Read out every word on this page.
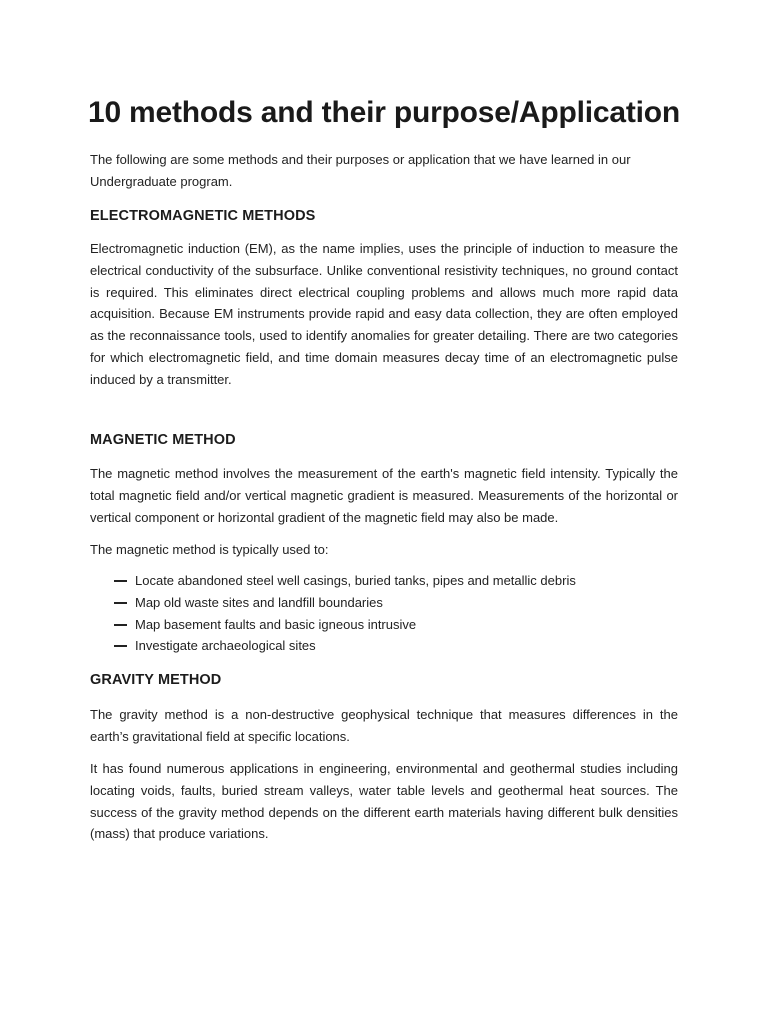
10 methods and their purpose/Application

The following are some methods and their purposes or application that we have learned in our Undergraduate program.

ELECTROMAGNETIC METHODS

Electromagnetic induction (EM), as the name implies, uses the principle of induction to measure the electrical conductivity of the subsurface. Unlike conventional resistivity techniques, no ground contact is required. This eliminates direct electrical coupling problems and allows much more rapid data acquisition. Because EM instruments provide rapid and easy data collection, they are often employed as the reconnaissance tools, used to identify anomalies for greater detailing. There are two categories for which electromagnetic field, and time domain measures decay time of an electromagnetic pulse induced by a transmitter.

MAGNETIC METHOD

The magnetic method involves the measurement of the earth's magnetic field intensity. Typically the total magnetic field and/or vertical magnetic gradient is measured. Measurements of the horizontal or vertical component or horizontal gradient of the magnetic field may also be made.

The magnetic method is typically used to:

Locate abandoned steel well casings, buried tanks, pipes and metallic debris
Map old waste sites and landfill boundaries
Map basement faults and basic igneous intrusive
Investigate archaeological sites
GRAVITY METHOD

The gravity method is a non-destructive geophysical technique that measures differences in the earth’s gravitational field at specific locations.

It has found numerous applications in engineering, environmental and geothermal studies including locating voids, faults, buried stream valleys, water table levels and geothermal heat sources. The success of the gravity method depends on the different earth materials having different bulk densities (mass) that produce variations.
